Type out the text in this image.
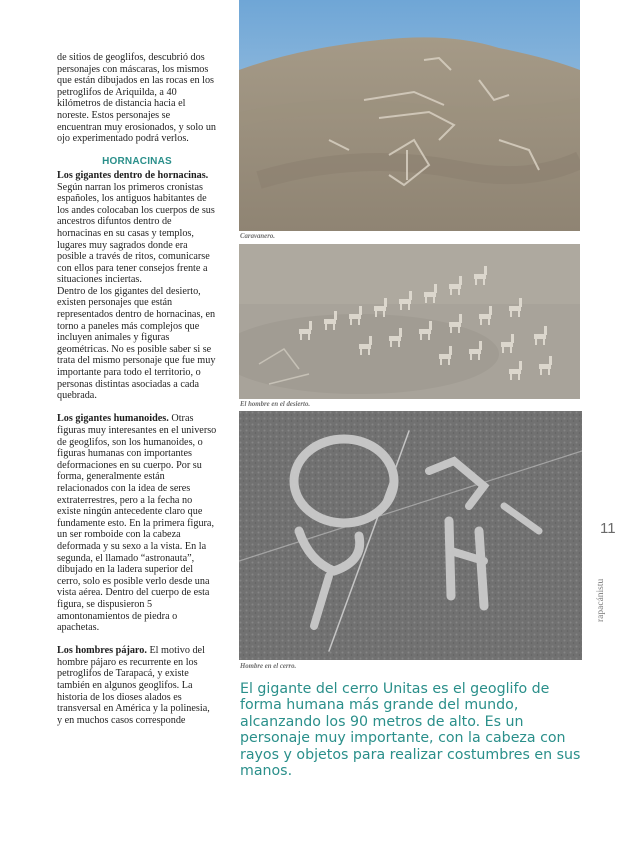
de sitios de geoglifos, descubrió dos personajes con máscaras, los mismos que están dibujados en las rocas en los petroglifos de Ariquilda, a 40 kilómetros de distancia hacia el noreste. Estos personajes se encuentran muy erosionados, y solo un ojo experimentado podrá verlos.

HORNACINAS

Los gigantes dentro de hornacinas. Según narran los primeros cronistas españoles, los antiguos habitantes de los andes colocaban los cuerpos de sus ancestros difuntos dentro de hornacinas en su casas y templos, lugares muy sagrados donde era posible a través de ritos, comunicarse con ellos para tener consejos frente a situaciones inciertas.

Dentro de los gigantes del desierto, existen personajes que están representados dentro de hornacinas, en torno a paneles más complejos que incluyen animales y figuras geométricas. No es posible saber si se trata del mismo personaje que fue muy importante para todo el territorio, o personas distintas asociadas a cada quebrada.

Los gigantes humanoides. Otras figuras muy interesantes en el universo de geoglifos, son los humanoides, o figuras humanas con importantes deformaciones en su cuerpo. Por su forma, generalmente están relacionados con la idea de seres extraterrestres, pero a la fecha no existe ningún antecedente claro que fundamente esto. En la primera figura, un ser romboide con la cabeza deformada y su sexo a la vista. En la segunda, el llamado “astronauta”, dibujado en la ladera superior del cerro, solo es posible verlo desde una vista aérea. Dentro del cuerpo de esta figura, se dispusieron 5 amontonamientos de piedra o apachetas.

Los hombres pájaro. El motivo del hombre pájaro es recurrente en los petroglifos de Tarapacá, y existe también en algunos geoglifos. La historia de los dioses alados es transversal en América y la polinesia, y en muchos casos corresponde

Caravanero.
El hombre en el desierto.
Hombre en el cerro.
El gigante del cerro Unitas es el geoglifo de forma humana más grande del mundo, alcanzando los 90 metros de alto. Es un personaje muy importante, con la cabeza con rayos y objetos para realizar costumbres en sus manos.
11
rapacánistu
